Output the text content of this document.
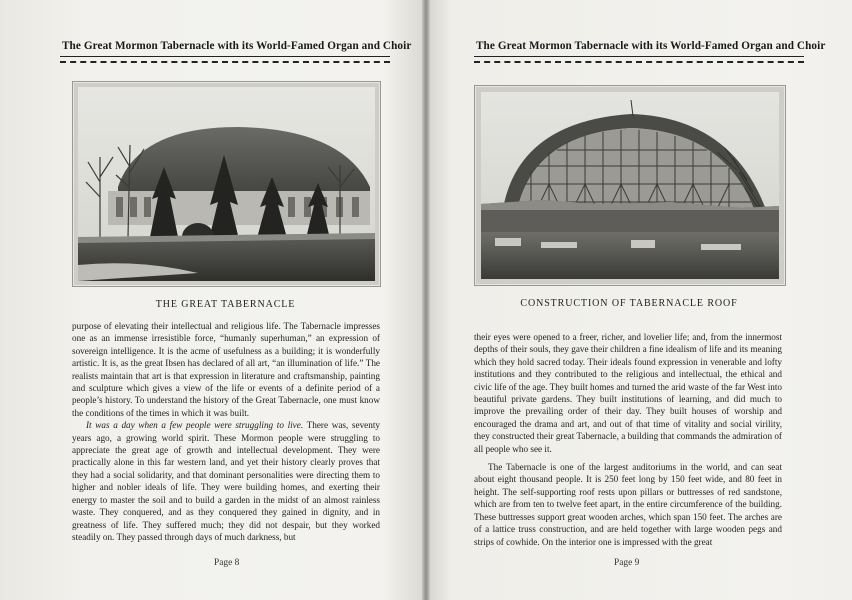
The Great Mormon Tabernacle with its World-Famed Organ and Choir
THE GREAT TABERNACLE

purpose of elevating their intellectual and religious life. The Tabernacle impresses one as an immense irresistible force, “humanly superhuman,” an expression of sovereign intelligence. It is the acme of usefulness as a building; it is wonderfully artistic. It is, as the great Ibsen has declared of all art, “an illumination of life.” The realists maintain that art is that expression in literature and craftsmanship, painting and sculpture which gives a view of the life or events of a definite period of a people’s history. To understand the history of the Great Tabernacle, one must know the conditions of the times in which it was built.

It was a day when a few people were struggling to live. There was, seventy years ago, a growing world spirit. These Mormon people were struggling to appreciate the great age of growth and intellectual development. They were practically alone in this far western land, and yet their history clearly proves that they had a social solidarity, and that dominant personalities were directing them to higher and nobler ideals of life. They were building homes, and exerting their energy to master the soil and to build a garden in the midst of an almost rainless waste. They conquered, and as they conquered they gained in dignity, and in greatness of life. They suffered much; they did not despair, but they worked steadily on. They passed through days of much darkness, but

Page 8
The Great Mormon Tabernacle with its World-Famed Organ and Choir
CONSTRUCTION OF TABERNACLE ROOF

their eyes were opened to a freer, richer, and lovelier life; and, from the innermost depths of their souls, they gave their children a fine idealism of life and its meaning which they hold sacred today. Their ideals found expression in venerable and lofty institutions and they contributed to the religious and intellectual, the ethical and civic life of the age. They built homes and turned the arid waste of the far West into beautiful private gardens. They built institutions of learning, and did much to improve the prevailing order of their day. They built houses of worship and encouraged the drama and art, and out of that time of vitality and social virility, they constructed their great Tabernacle, a building that commands the admiration of all people who see it.

The Tabernacle is one of the largest auditoriums in the world, and can seat about eight thousand people. It is 250 feet long by 150 feet wide, and 80 feet in height. The self-supporting roof rests upon pillars or buttresses of red sandstone, which are from ten to twelve feet apart, in the entire circumference of the building. These buttresses support great wooden arches, which span 150 feet. The arches are of a lattice truss construction, and are held together with large wooden pegs and strips of cowhide. On the interior one is impressed with the great

Page 9
